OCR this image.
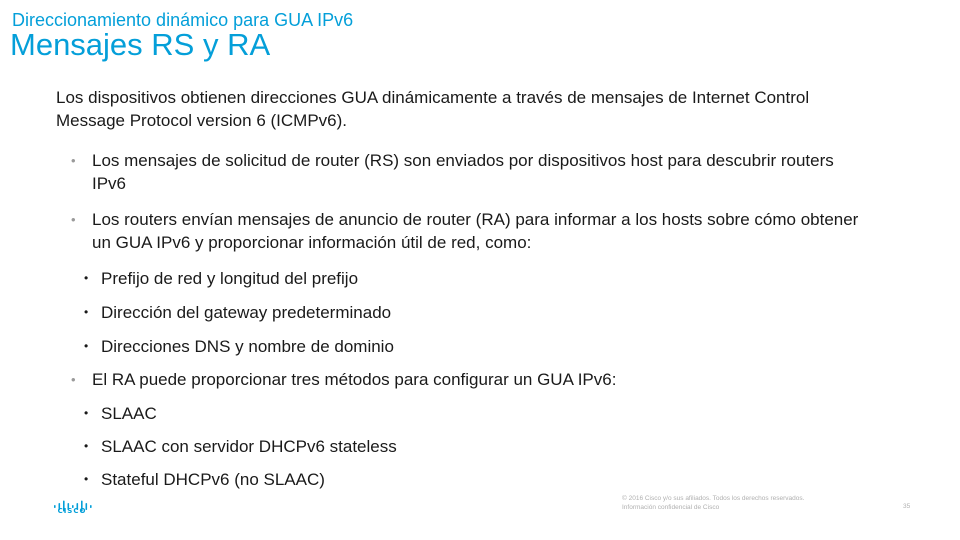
Direccionamiento dinámico para GUA IPv6
Mensajes RS y RA
Los dispositivos obtienen direcciones GUA dinámicamente a través de mensajes de Internet Control Message Protocol version 6 (ICMPv6).
• Los mensajes de solicitud de router (RS) son enviados por dispositivos host para descubrir routers IPv6
• Los routers envían mensajes de anuncio de router (RA) para informar a los hosts sobre cómo obtener un GUA IPv6 y proporcionar información útil de red, como:
• Prefijo de red y longitud del prefijo
• Dirección del gateway predeterminado
• Direcciones DNS y nombre de dominio
• El RA puede proporcionar tres métodos para configurar un GUA IPv6:
• SLAAC
• SLAAC con servidor DHCPv6 stateless
• Stateful DHCPv6 (no SLAAC)
CISCO
© 2016 Cisco y/o sus afiliados. Todos los derechos reservados.
Información confidencial de Cisco	35
